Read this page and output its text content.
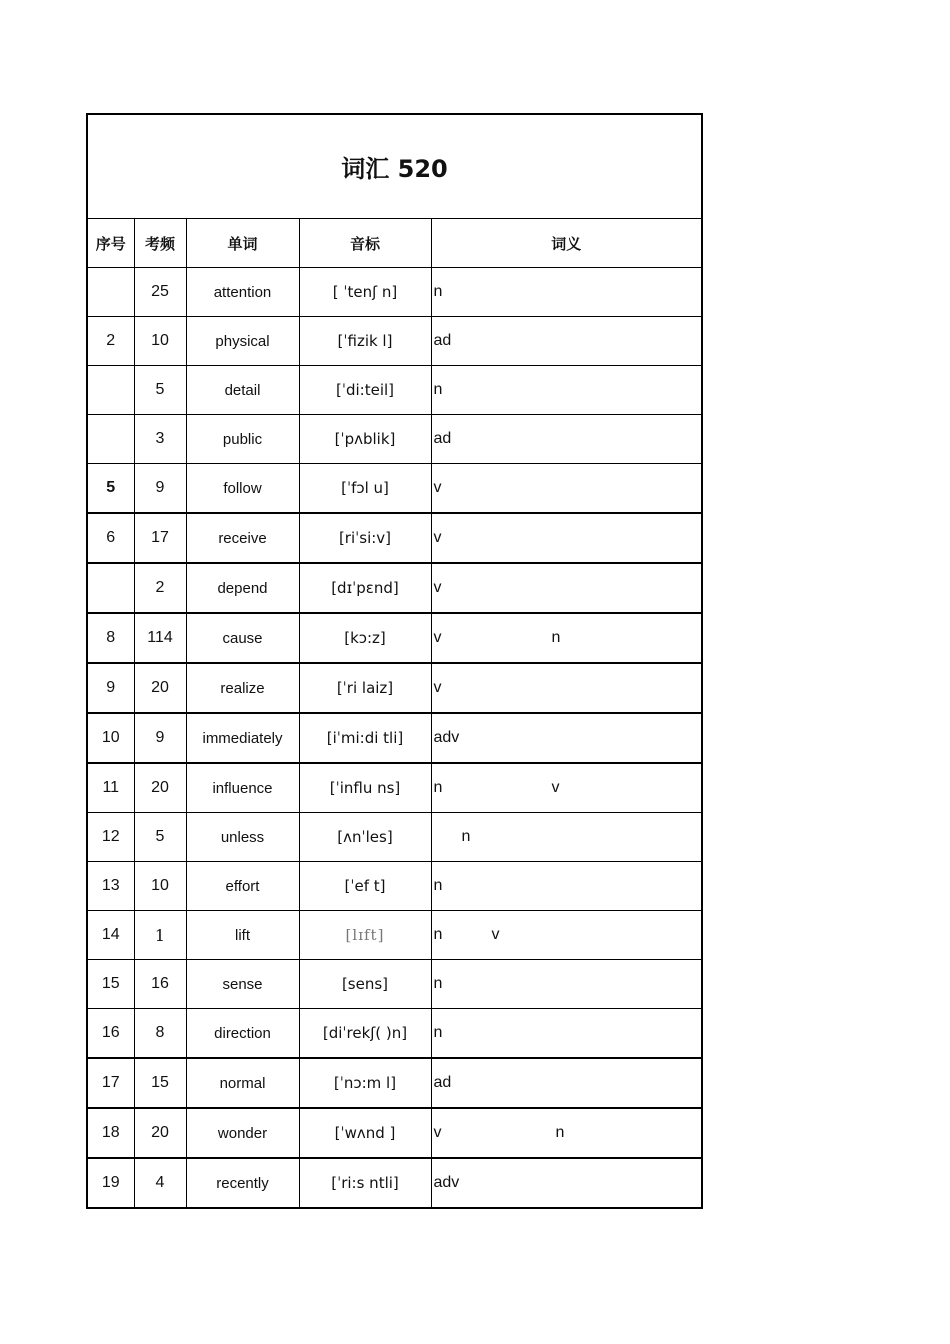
词汇 520
序号	考频	单词	音标	词义
	25	attention	[ ˈtenʃ n]	n

2	10	physical	[ˈfizik l]	ad

	5	detail	[ˈdi:teil]	n

	3	public	[ˈpʌblik]	ad

5	9	follow	[ˈfɔl u]	v

6	17	receive	[riˈsi:v]	v

	2	depend	[dɪˈpɛnd]	v

8	114	cause	[kɔ:z]	v n

9	20	realize	[ˈri laiz]	v

10	9	immediately	[iˈmi:di tli]	adv

11	20	influence	[ˈinflu ns]	n v

12	5	unless	[ʌnˈles]	n

13	10	effort	[ˈef t]	n

14	1	lift	[lɪft]	n v

15	16	sense	[sens]	n

16	8	direction	[diˈrekʃ( )n]	n

17	15	normal	[ˈnɔ:m l]	ad

18	20	wonder	[ˈwʌnd ]	v n

19	4	recently	[ˈri:s ntli]	adv
